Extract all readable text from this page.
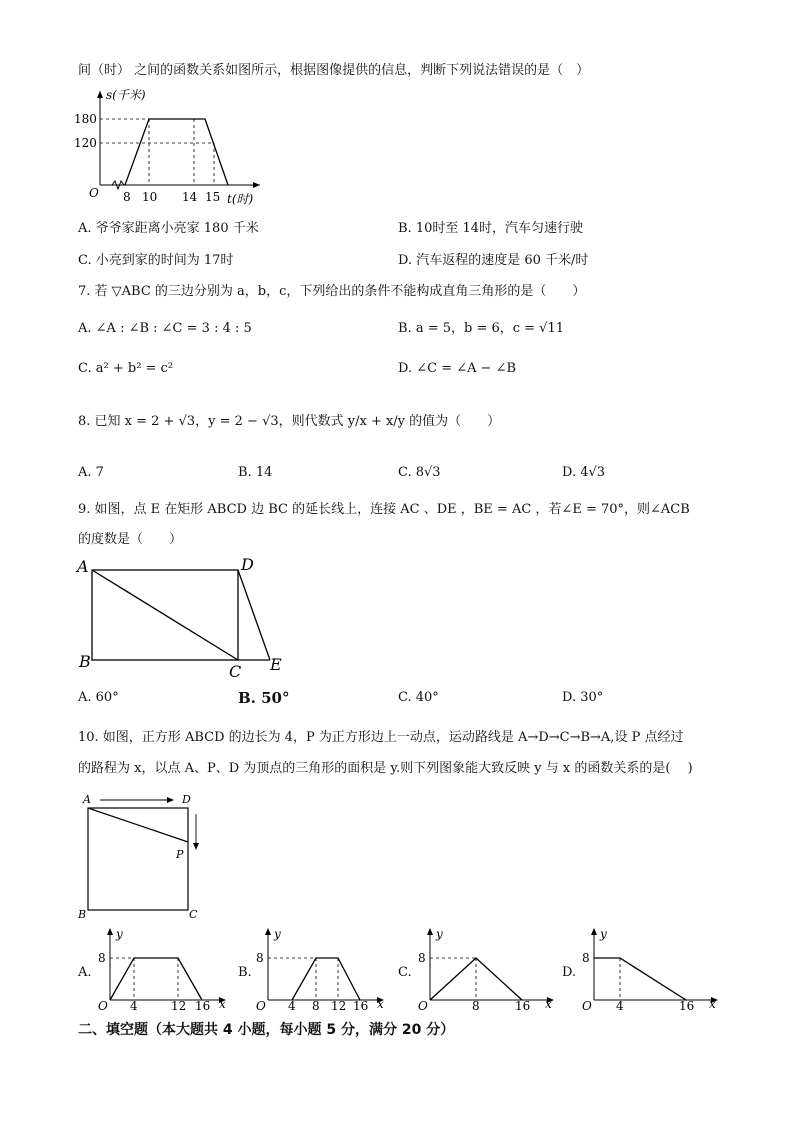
间（时） 之间的函数关系如图所示，根据图像提供的信息，判断下列说法错误的是（　）
s(千米)
180
120
O 8 10 14 15 t(时)
A. 爷爷家距离小亮家 180 千米	B. 10时至 14时，汽车匀速行驶
C. 小亮到家的时间为 17时	D. 汽车返程的速度是 60 千米/时
7. 若 ▽ABC 的三边分别为 a，b，c，下列给出的条件不能构成直角三角形的是（　　）
A. ∠A : ∠B : ∠C = 3 : 4 : 5	B. a = 5，b = 6，c = √11
C. a² + b² = c²	D. ∠C = ∠A − ∠B
8. 已知 x = 2 + √3，y = 2 − √3，则代数式 y/x + x/y 的值为（　　）
A. 7	B. 14	C. 8√3	D. 4√3
9. 如图，点 E 在矩形 ABCD 边 BC 的延长线上，连接 AC 、DE ，BE = AC ，若∠E = 70°，则∠ACB
的度数是（　　）
A	D
B
C E
A. 60°	B. 50°	C. 40°	D. 30°
10. 如图，正方形 ABCD 的边长为 4，P 为正方形边上一动点，运动路线是 A→D→C→B→A,设 P 点经过
的路程为 x，以点 A、P、D 为顶点的三角形的面积是 y.则下列图象能大致反映 y 与 x 的函数关系的是(　 )
A	D
P
B	C
A.
y
8
O 4	12 16 x
B.
y
8
O 4 8 12 16 x
C.
y
8
O	8	16 x
D.
y
8
O 4	16 x
二、填空题（本大题共 4 小题，每小题 5 分，满分 20 分）
